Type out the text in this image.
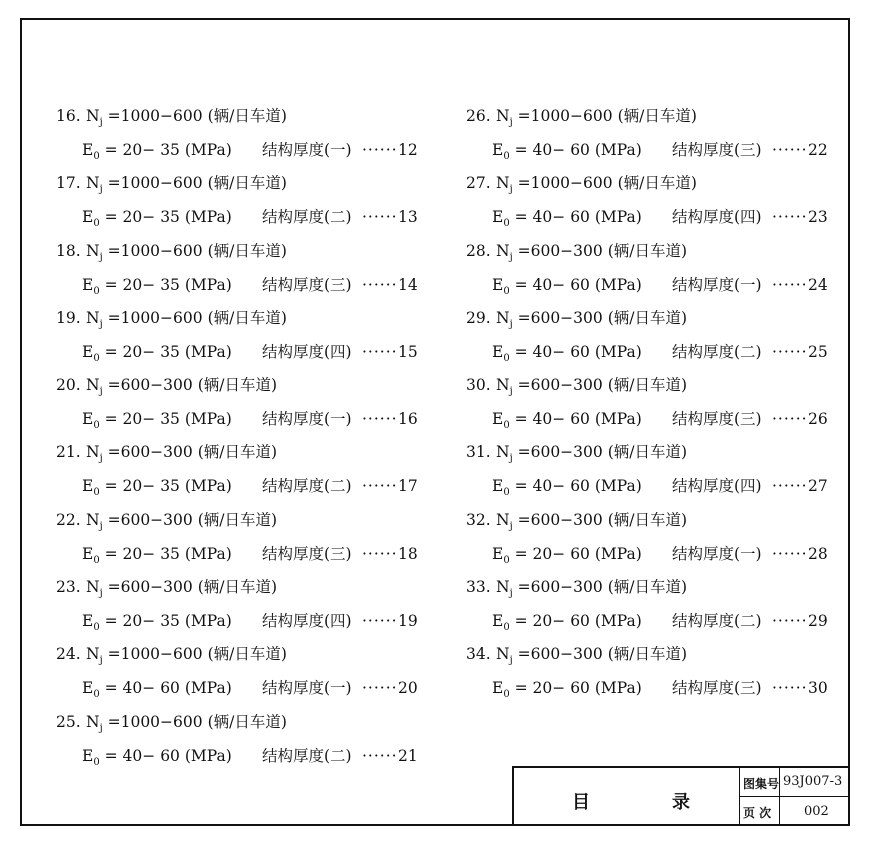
16. $N_j =1000-600$ (辆/日车道)
$E_0 = 20- 35$ (MPa) 结构厚度(一) ······12
17. $N_j =1000-600$ (辆/日车道)
$E_0 = 20- 35$ (MPa) 结构厚度(二) ······13
18. $N_j =1000-600$ (辆/日车道)
$E_0 = 20- 35$ (MPa) 结构厚度(三) ······14
19. $N_j =1000-600$ (辆/日车道)
$E_0 = 20- 35$ (MPa) 结构厚度(四) ······15
20. $N_j =600-300$ (辆/日车道)
$E_0 = 20- 35$ (MPa) 结构厚度(一) ······16
21. $N_j =600-300$ (辆/日车道)
$E_0 = 20- 35$ (MPa) 结构厚度(二) ······17
22. $N_j =600-300$ (辆/日车道)
$E_0 = 20- 35$ (MPa) 结构厚度(三) ······18
23. $N_j =600-300$ (辆/日车道)
$E_0 = 20- 35$ (MPa) 结构厚度(四) ······19
24. $N_j =1000-600$ (辆/日车道)
$E_0 = 40- 60$ (MPa) 结构厚度(一) ······20
25. $N_j =1000-600$ (辆/日车道)
$E_0 = 40- 60$ (MPa) 结构厚度(二) ······21
26. $N_j =1000-600$ (辆/日车道)
$E_0 = 40- 60$ (MPa) 结构厚度(三) ······22
27. $N_j =1000-600$ (辆/日车道)
$E_0 = 40- 60$ (MPa) 结构厚度(四) ······23
28. $N_j =600-300$ (辆/日车道)
$E_0 = 40- 60$ (MPa) 结构厚度(一) ······24
29. $N_j =600-300$ (辆/日车道)
$E_0 = 40- 60$ (MPa) 结构厚度(二) ······25
30. $N_j =600-300$ (辆/日车道)
$E_0 = 40- 60$ (MPa) 结构厚度(三) ······26
31. $N_j =600-300$ (辆/日车道)
$E_0 = 40- 60$ (MPa) 结构厚度(四) ······27
32. $N_j =600-300$ (辆/日车道)
$E_0 = 20- 60$ (MPa) 结构厚度(一) ······28
33. $N_j =600-300$ (辆/日车道)
$E_0 = 20- 60$ (MPa) 结构厚度(二) ······29
34. $N_j =600-300$ (辆/日车道)
$E_0 = 20- 60$ (MPa) 结构厚度(三) ······30
目	录
图集号 93J007-3
页 次	002
